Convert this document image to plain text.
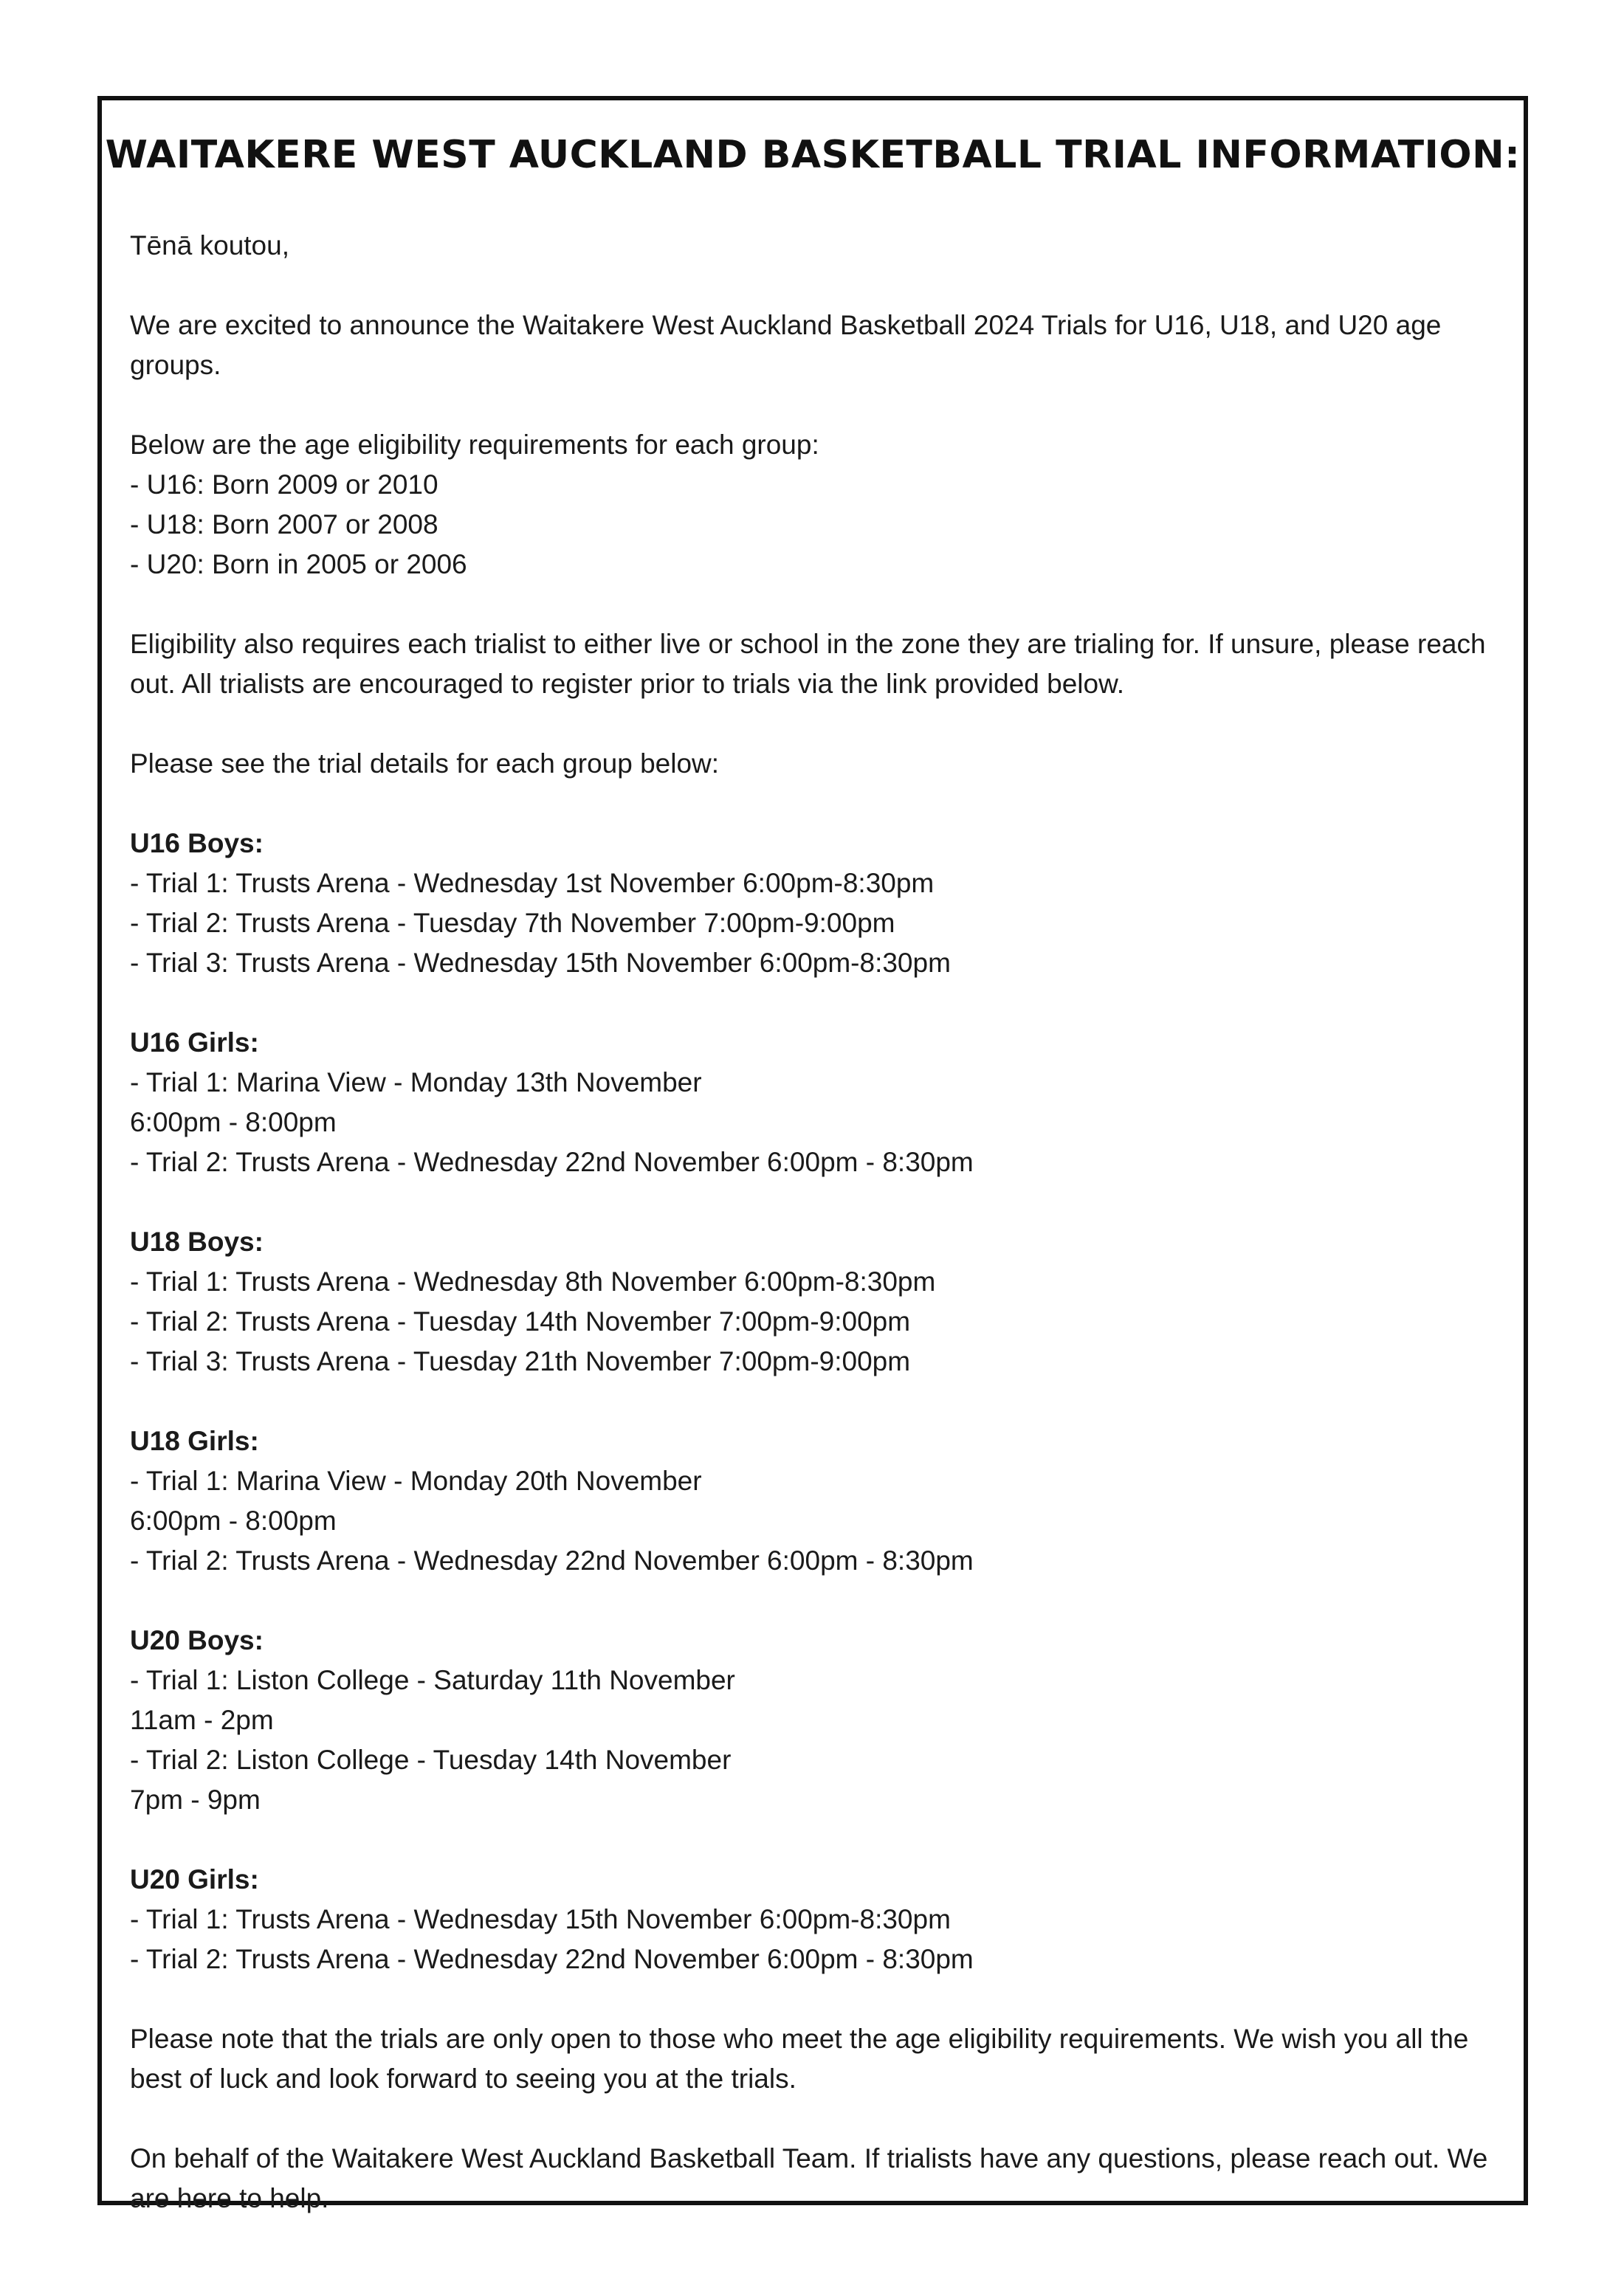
WAITAKERE WEST AUCKLAND BASKETBALL TRIAL INFORMATION:

Tēnā koutou,

We are excited to announce the Waitakere West Auckland Basketball 2024 Trials for U16, U18, and U20 age groups.

Below are the age eligibility requirements for each group:
- U16: Born 2009 or 2010
- U18: Born 2007 or 2008
- U20: Born in 2005 or 2006

Eligibility also requires each trialist to either live or school in the zone they are trialing for. If unsure, please reach out. All trialists are encouraged to register prior to trials via the link provided below.

Please see the trial details for each group below:

U16 Boys:
- Trial 1: Trusts Arena - Wednesday 1st November 6:00pm-8:30pm
- Trial 2: Trusts Arena - Tuesday 7th November 7:00pm-9:00pm
- Trial 3: Trusts Arena - Wednesday 15th November 6:00pm-8:30pm
U16 Girls:
- Trial 1: Marina View - Monday 13th November
6:00pm - 8:00pm
- Trial 2: Trusts Arena - Wednesday 22nd November 6:00pm - 8:30pm
U18 Boys:
- Trial 1: Trusts Arena - Wednesday 8th November 6:00pm-8:30pm
- Trial 2: Trusts Arena - Tuesday 14th November 7:00pm-9:00pm
- Trial 3: Trusts Arena - Tuesday 21th November 7:00pm-9:00pm
U18 Girls:
- Trial 1: Marina View - Monday 20th November
6:00pm - 8:00pm
- Trial 2: Trusts Arena - Wednesday 22nd November 6:00pm - 8:30pm
U20 Boys:
- Trial 1: Liston College - Saturday 11th November
11am - 2pm
- Trial 2: Liston College - Tuesday 14th November
7pm - 9pm
U20 Girls:
- Trial 1: Trusts Arena - Wednesday 15th November 6:00pm-8:30pm
- Trial 2: Trusts Arena - Wednesday 22nd November 6:00pm - 8:30pm

Please note that the trials are only open to those who meet the age eligibility requirements. We wish you all the best of luck and look forward to seeing you at the trials.

On behalf of the Waitakere West Auckland Basketball Team. If trialists have any questions, please reach out. We are here to help.
